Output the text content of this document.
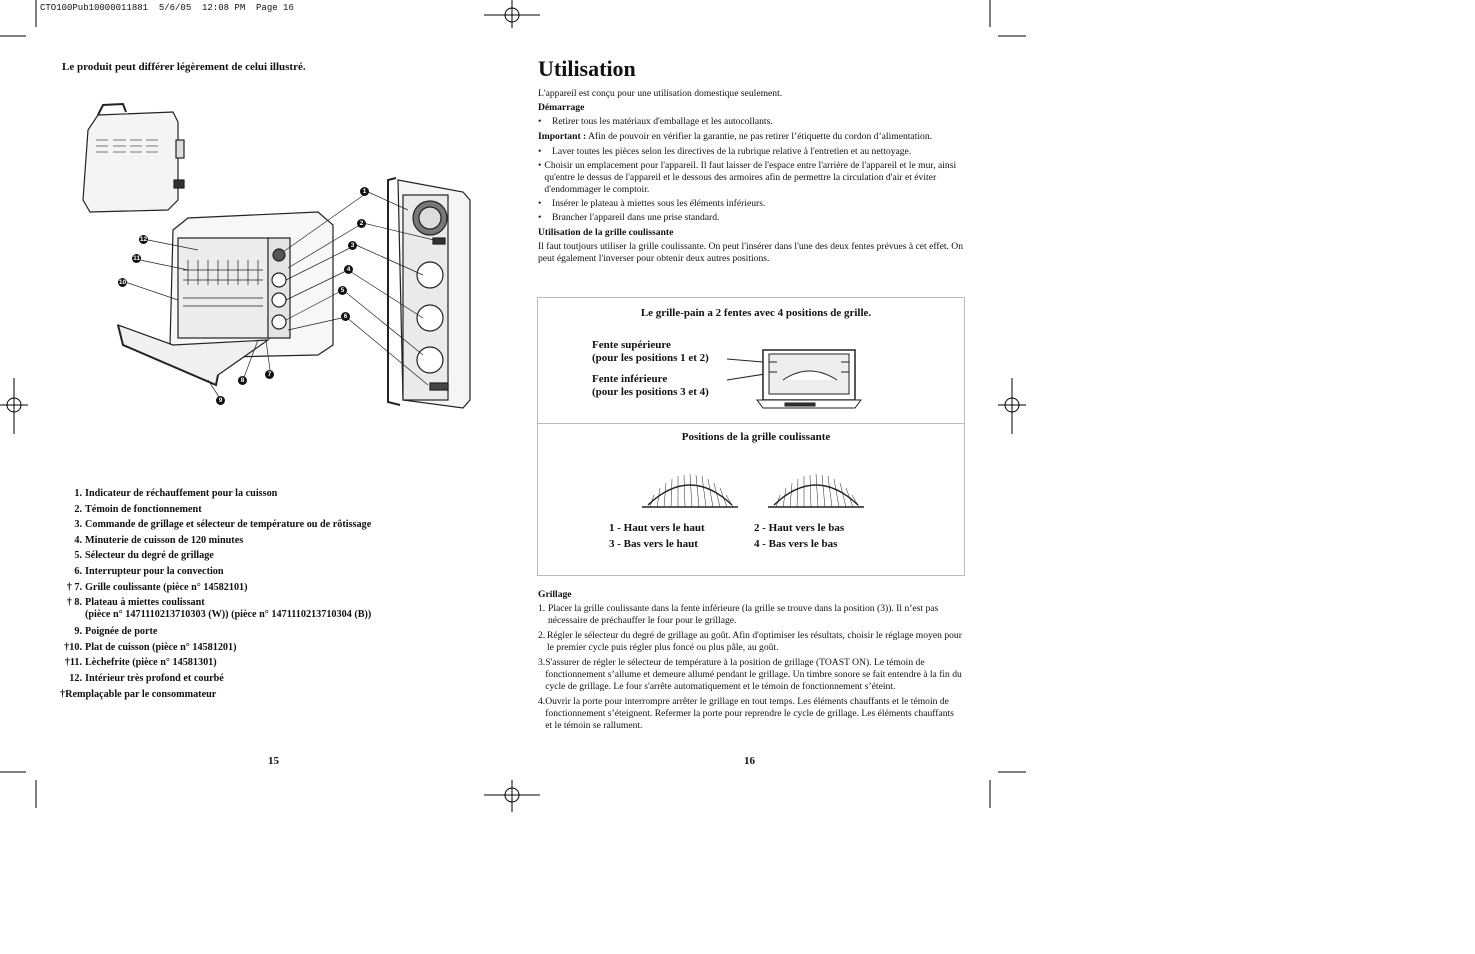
CTO100Pub10000011881  5/6/05  12:08 PM  Page 16
Le produit peut différer légèrement de celui illustré.
1
2
3
4
5
6
7
8
9
10
11
12
1. Indicateur de réchauffement pour la cuisson
2. Témoin de fonctionnement
3. Commande de grillage et sélecteur de température ou de rôtissage
4. Minuterie de cuisson de 120 minutes
5. Sélecteur du degré de grillage
6. Interrupteur pour la convection
† 7. Grille coulissante (pièce n° 14582101)
† 8. Plateau à miettes coulissant
(pièce n° 1471110213710303 (W)) (pièce n° 1471110213710304 (B))
9. Poignée de porte
†10. Plat de cuisson (pièce n° 14581201)
†11. Lèchefrite (pièce n° 14581301)
12. Intérieur très profond et courbé
†Remplaçable par le consommateur
15
Utilisation
L'appareil est conçu pour une utilisation domestique seulement.
Démarrage
•	Retirer tous les matériaux d'emballage et les autocollants.
Important : Afin de pouvoir en vérifier la garantie, ne pas retirer l’étiquette du cordon d’alimentation.
•	Laver toutes les pièces selon les directives de la rubrique relative à l'entretien et au nettoyage.
• Choisir un emplacement pour l'appareil. Il faut laisser de l'espace entre l'arrière de l'appareil et le mur, ainsi qu'entre le dessus de l'appareil et le dessous des armoires afin de permettre la circulation d'air et éviter d'endommager le comptoir.
•	Insérer le plateau à miettes sous les éléments inférieurs.
•	Brancher l'appareil dans une prise standard.
Utilisation de la grille coulissante
Il faut toutjours utiliser la grille coulissante. On peut l'insérer dans l'une des deux fentes prévues à cet effet. On peut également l'inverser pour obtenir deux autres positions.
Le grille-pain a 2 fentes avec 4 positions de grille.
Fente supérieure
(pour les positions 1 et 2)
Fente inférieure
(pour les positions 3 et 4)
Positions de la grille coulissante
1 - Haut vers le haut
3 - Bas vers le haut
2 - Haut vers le bas
4 - Bas vers le bas
Grillage
1. Placer la grille coulissante dans la fente inférieure (la grille se trouve dans la position (3)). Il n’est pas nécessaire de préchauffer le four pour le grillage.
2. Régler le sélecteur du degré de grillage au goût. Afin d'optimiser les résultats, choisir le réglage moyen pour le premier cycle puis régler plus foncé ou plus pâle, au goût.
3. S'assurer de régler le sélecteur de température à la position de grillage (TOAST ON). Le témoin de fonctionnement s’allume et demeure allumé pendant le grillage. Un timbre sonore se fait entendre à la fin du cycle de grillage. Le four s'arrête automatiquement et le témoin de fonctionnement s’éteint.
4. Ouvrir la porte pour interrompre arrêter le grillage en tout temps. Les éléments chauffants et le témoin de fonctionnement s’éteignent. Refermer la porte pour reprendre le cycle de grillage. Les éléments chauffants et le témoin se rallument.
16
